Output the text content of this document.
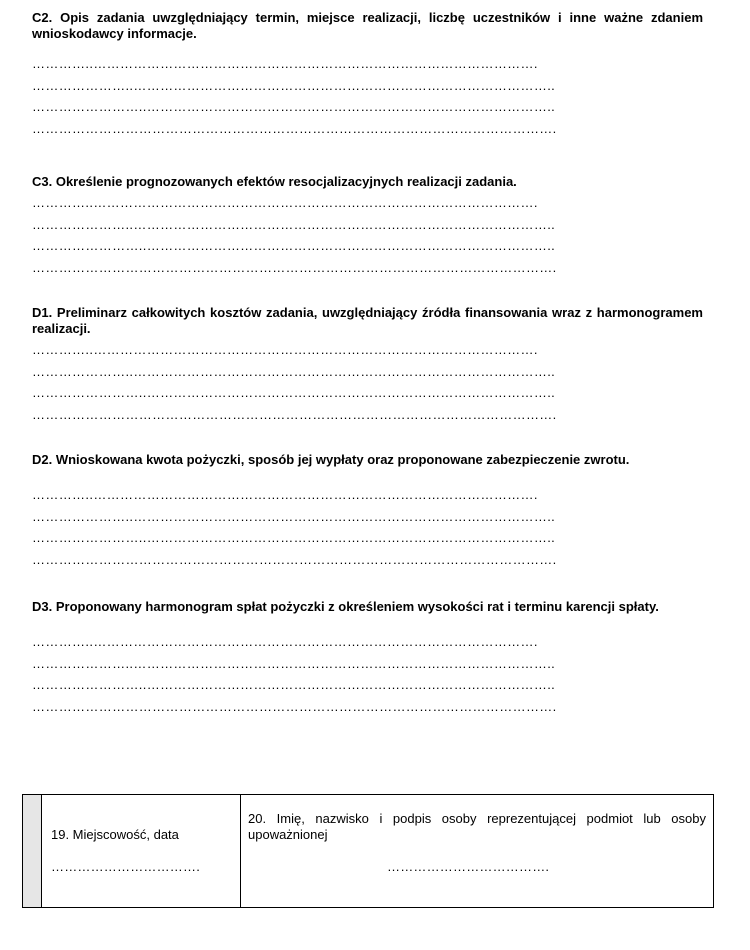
C2. Opis zadania uwzględniający termin, miejsce realizacji, liczbę uczestników i inne ważne zdaniem wnioskodawcy informacje.

…………..……………………………………………………………………………………….

…………………..…………………………………………………………………………………..

……………………..………………………………………………………………………………..

……………………………………………………………………………………………………….

C3. Określenie prognozowanych efektów resocjalizacyjnych realizacji zadania.

…………..……………………………………………………………………………………….

…………………..…………………………………………………………………………………..

……………………..………………………………………………………………………………..

……………………………………………………………………………………………………….

D1. Preliminarz całkowitych kosztów zadania, uwzględniający źródła finansowania wraz z harmonogramem realizacji.

…………..……………………………………………………………………………………….

…………………..…………………………………………………………………………………..

……………………..………………………………………………………………………………..

……………………………………………………………………………………………………….

D2. Wnioskowana kwota pożyczki, sposób jej wypłaty oraz proponowane zabezpieczenie zwrotu.

…………..……………………………………………………………………………………….

…………………..…………………………………………………………………………………..

……………………..………………………………………………………………………………..

……………………………………………………………………………………………………….

D3. Proponowany harmonogram spłat pożyczki z określeniem wysokości rat i terminu karencji spłaty.

…………..……………………………………………………………………………………….

…………………..…………………………………………………………………………………..

……………………..………………………………………………………………………………..

……………………………………………………………………………………………………….

19. Miejscowość, data
…………………………….
20. Imię, nazwisko i podpis osoby reprezentującej podmiot lub osoby upoważnionej
……………………………….
